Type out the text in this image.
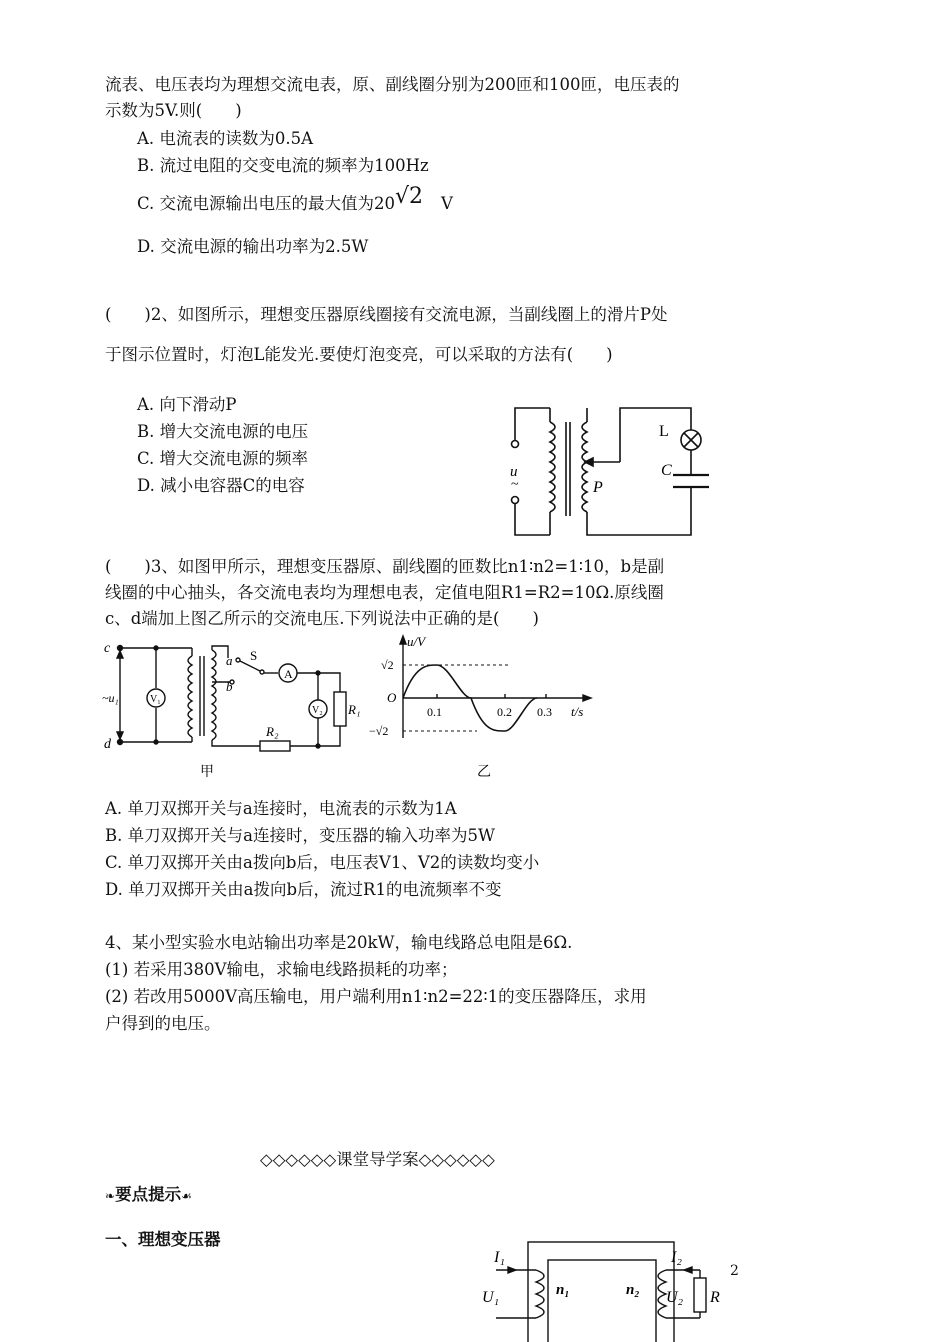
流表、电压表均为理想交流电表，原、副线圈分别为200匝和100匝，电压表的
示数为5V.则(　　)
A. 电流表的读数为0.5A
B. 流过电阻的交变电流的频率为100Hz
C. 交流电源输出电压的最大值为20√2 V
D. 交流电源的输出功率为2.5W
(　　)2、如图所示，理想变压器原线圈接有交流电源，当副线圈上的滑片P处
于图示位置时，灯泡L能发光.要使灯泡变亮，可以采取的方法有(　　)
A. 向下滑动P
B. 增大交流电源的电压
C. 增大交流电源的频率
D. 减小电容器C的电容
u
~	P
L
C
(　　)3、如图甲所示，理想变压器原、副线圈的匝数比n1∶n2=1∶10，b是副
线圈的中心抽头，各交流电表均为理想电表，定值电阻R1=R2=10Ω.原线圈
c、d端加上图乙所示的交流电压.下列说法中正确的是(　　)
c
d
~u₁	V₁
a
b
S
A
V₂ R₁
R₂
甲
u/V
t/s
O
√2
−√2
0.1	0.2 0.3
乙
A. 单刀双掷开关与a连接时，电流表的示数为1A
B. 单刀双掷开关与a连接时，变压器的输入功率为5W
C. 单刀双掷开关由a拨向b后，电压表V1、V2的读数均变小
D. 单刀双掷开关由a拨向b后，流过R1的电流频率不变
4、某小型实验水电站输出功率是20kW，输电线路总电阻是6Ω.
(1) 若采用380V输电，求输电线路损耗的功率；
(2) 若改用5000V高压输电，用户端利用n1∶n2=22∶1的变压器降压，求用
户得到的电压。
◇◇◇◇◇◇课堂导学案◇◇◇◇◇◇
❧要点提示☙
一、理想变压器
2
I₁	I₂
U₁	U₂
n₁	n₂	R
